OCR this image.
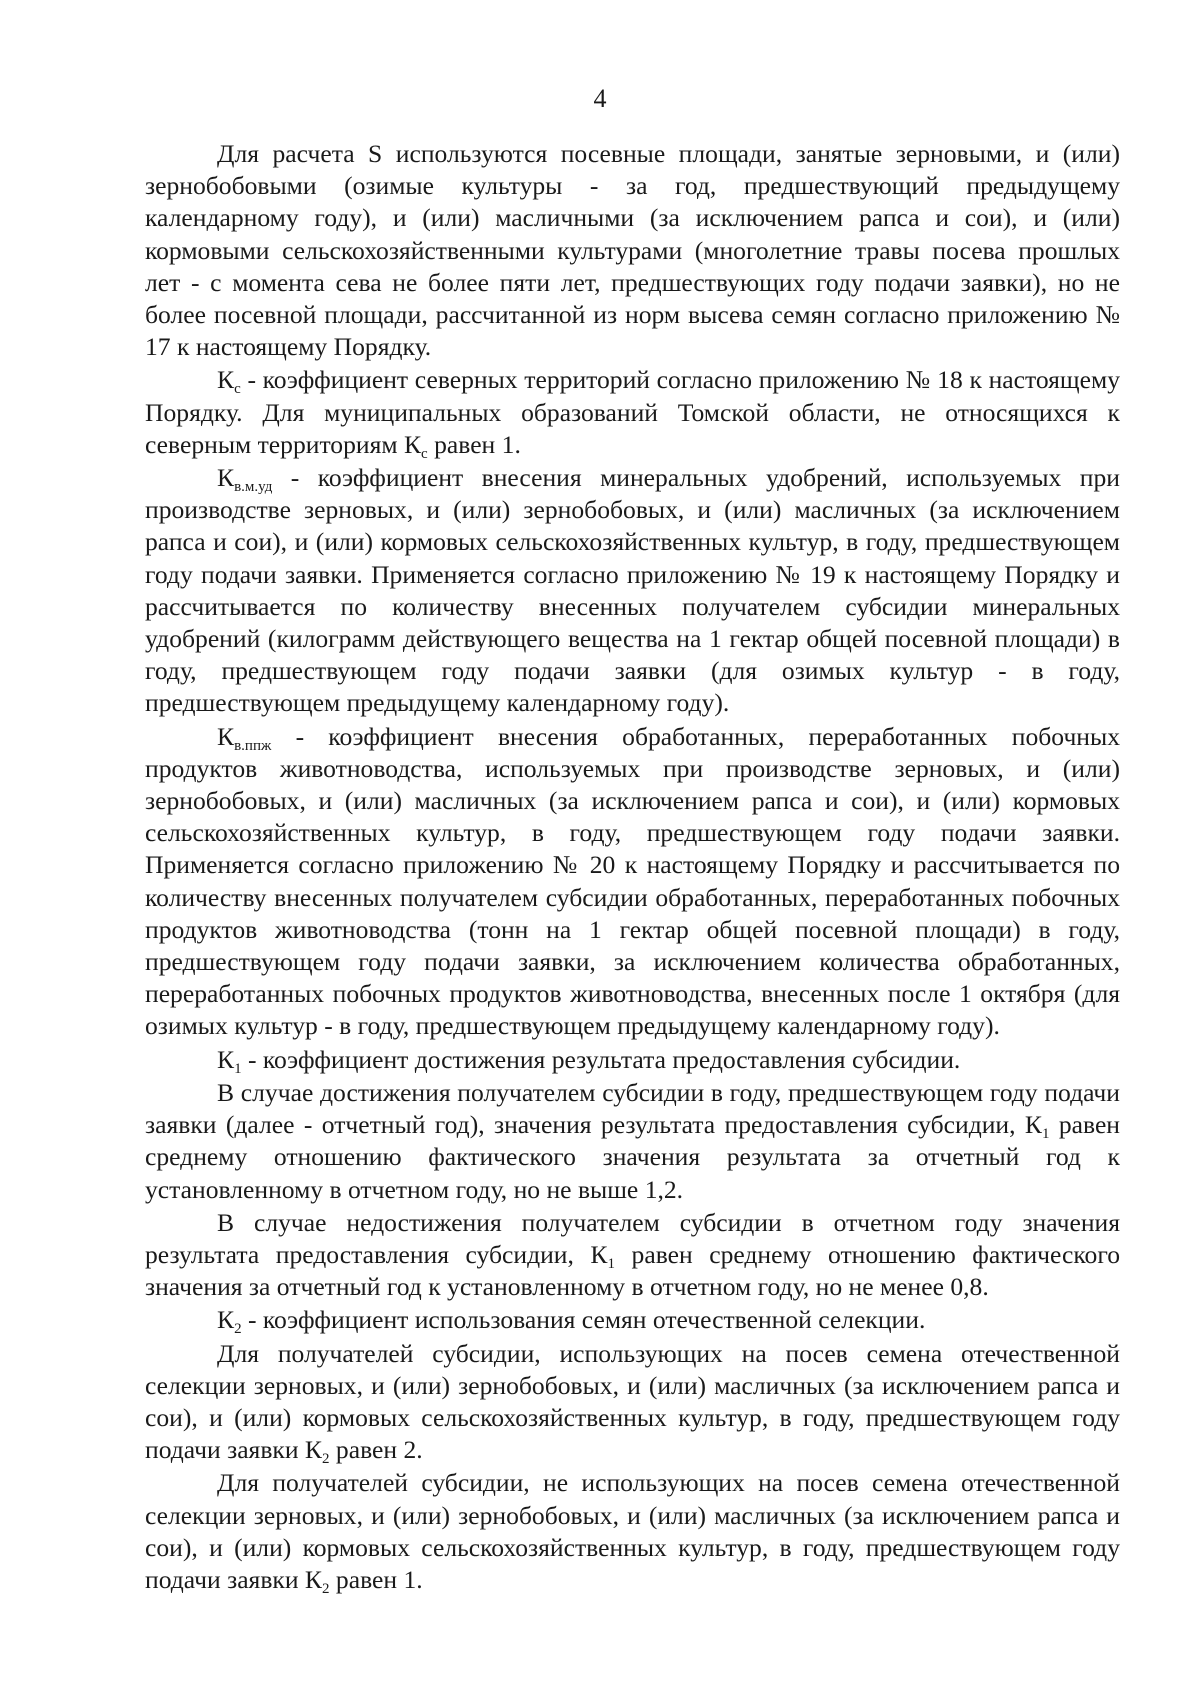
4

Для расчета S используются посевные площади, занятые зерновыми, и (или) зернобобовыми (озимые культуры - за год, предшествующий предыдущему календарному году), и (или) масличными (за исключением рапса и сои), и (или) кормовыми сельскохозяйственными культурами (многолетние травы посева прошлых лет - с момента сева не более пяти лет, предшествующих году подачи заявки), но не более посевной площади, рассчитанной из норм высева семян согласно приложению № 17 к настоящему Порядку.

$К_с$ - коэффициент северных территорий согласно приложению № 18 к настоящему Порядку. Для муниципальных образований Томской области, не относящихся к северным территориям $К_с$ равен 1.

$К_{в.м.уд}$ - коэффициент внесения минеральных удобрений, используемых при производстве зерновых, и (или) зернобобовых, и (или) масличных (за исключением рапса и сои), и (или) кормовых сельскохозяйственных культур, в году, предшествующем году подачи заявки. Применяется согласно приложению № 19 к настоящему Порядку и рассчитывается по количеству внесенных получателем субсидии минеральных удобрений (килограмм действующего вещества на 1 гектар общей посевной площади) в году, предшествующем году подачи заявки (для озимых культур - в году, предшествующем предыдущему календарному году).

$К_{в.ппж}$ - коэффициент внесения обработанных, переработанных побочных продуктов животноводства, используемых при производстве зерновых, и (или) зернобобовых, и (или) масличных (за исключением рапса и сои), и (или) кормовых сельскохозяйственных культур, в году, предшествующем году подачи заявки. Применяется согласно приложению № 20 к настоящему Порядку и рассчитывается по количеству внесенных получателем субсидии обработанных, переработанных побочных продуктов животноводства (тонн на 1 гектар общей посевной площади) в году, предшествующем году подачи заявки, за исключением количества обработанных, переработанных побочных продуктов животноводства, внесенных после 1 октября (для озимых культур - в году, предшествующем предыдущему календарному году).

$К_1$ - коэффициент достижения результата предоставления субсидии.

В случае достижения получателем субсидии в году, предшествующем году подачи заявки (далее - отчетный год), значения результата предоставления субсидии, $К_1$ равен среднему отношению фактического значения результата за отчетный год к установленному в отчетном году, но не выше 1,2.

В случае недостижения получателем субсидии в отчетном году значения результата предоставления субсидии, $К_1$ равен среднему отношению фактического значения за отчетный год к установленному в отчетном году, но не менее 0,8.

$К_2$ - коэффициент использования семян отечественной селекции.

Для получателей субсидии, использующих на посев семена отечественной селекции зерновых, и (или) зернобобовых, и (или) масличных (за исключением рапса и сои), и (или) кормовых сельскохозяйственных культур, в году, предшествующем году подачи заявки $К_2$ равен 2.

Для получателей субсидии, не использующих на посев семена отечественной селекции зерновых, и (или) зернобобовых, и (или) масличных (за исключением рапса и сои), и (или) кормовых сельскохозяйственных культур, в году, предшествующем году подачи заявки $К_2$ равен 1.
